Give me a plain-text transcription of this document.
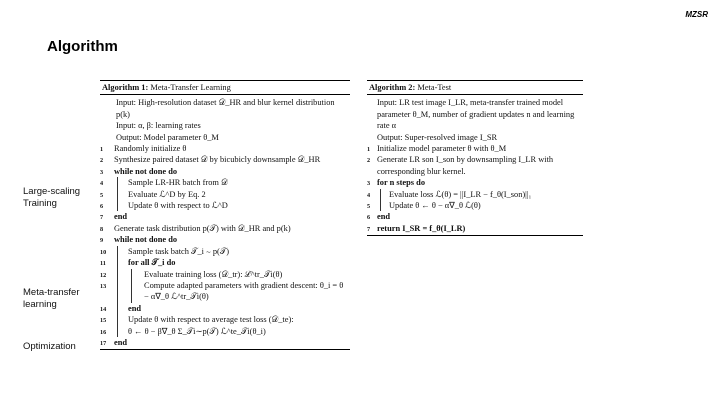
MZSR
Algorithm
Large-scaling Training
Meta-transfer learning
Optimization
Algorithm 1: Meta-Transfer Learning
Input: High-resolution dataset 𝒟_HR and blur kernel distribution p(k)
Input: α, β: learning rates
Output: Model parameter θ_M
1	Randomly initialize θ
2	Synthesize paired dataset 𝒟 by bicubicly downsample 𝒟_HR
3	while not done do
4	Sample LR-HR batch from 𝒟
5	Evaluate ℒ^D by Eq. 2
6	Update θ with respect to ℒ^D
7	end
8	Generate task distribution p(𝒯) with 𝒟_HR and p(k)
9	while not done do
10	Sample task batch 𝒯_i ∼ p(𝒯)
11	for all 𝒯_i do
12	Evaluate training loss (𝒟_tr): ℒ^tr_𝒯i(θ)
13	Compute adapted parameters with gradient descent: θ_i = θ − α∇_θ ℒ^tr_𝒯i(θ)
14	end
15	Update θ with respect to average test loss (𝒟_te):
16	θ ← θ − β∇_θ Σ_𝒯i∼p(𝒯) ℒ^te_𝒯i(θ_i)
17 end
Algorithm 2: Meta-Test
Input: LR test image I_LR, meta-transfer trained model parameter θ_M, number of gradient updates n and learning rate α
Output: Super-resolved image I_SR
1 Initialize model parameter θ with θ_M
2 Generate LR son I_son by downsampling I_LR with corresponding blur kernel.
3 for n steps do
4	Evaluate loss ℒ(θ) = ||I_LR − f_θ(I_son)||₁
5	Update θ ← θ − α∇_θ ℒ(θ)
6 end
7 return I_SR = f_θ(I_LR)
